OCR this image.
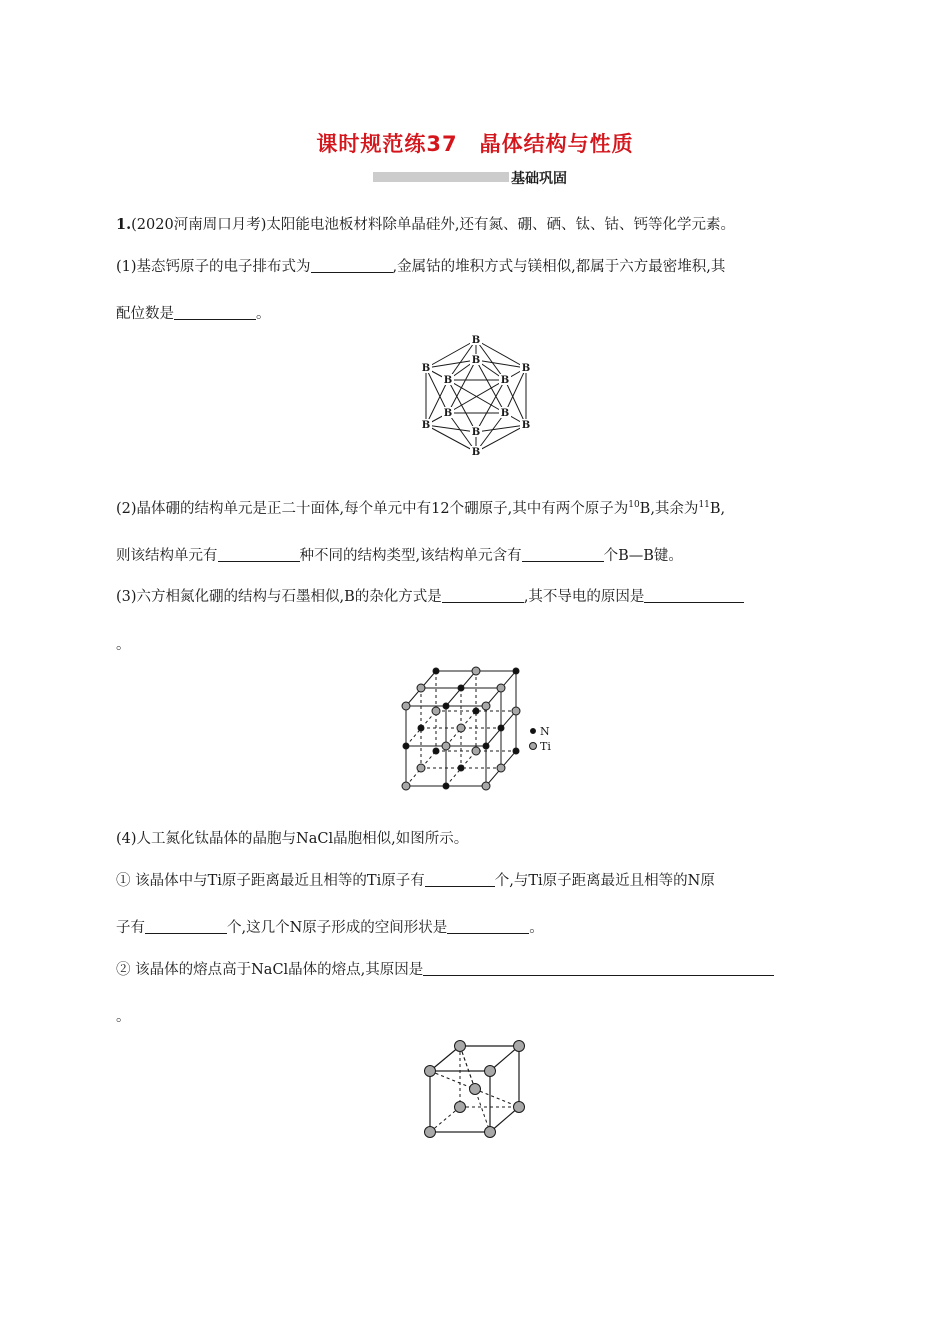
课时规范练37　晶体结构与性质
基础巩固
1.(2020河南周口月考)太阳能电池板材料除单晶硅外,还有氮、硼、硒、钛、钴、钙等化学元素。
(1)基态钙原子的电子排布式为	,金属钴的堆积方式与镁相似,都属于六方最密堆积,其
配位数是	。
B
B
B	B
B	B
B	B
B	B
B
B
(2)晶体硼的结构单元是正二十面体,每个单元中有12个硼原子,其中有两个原子为$^{10}$B,其余为$^{11}$B,
则该结构单元有	种不同的结构类型,该结构单元含有	个B—B键。
(3)六方相氮化硼的结构与石墨相似,B的杂化方式是	,其不导电的原因是
。
N
Ti
(4)人工氮化钛晶体的晶胞与NaCl晶胞相似,如图所示。
① 该晶体中与Ti原子距离最近且相等的Ti原子有	个,与Ti原子距离最近且相等的N原
子有	个,这几个N原子形成的空间形状是	。
② 该晶体的熔点高于NaCl晶体的熔点,其原因是
。
